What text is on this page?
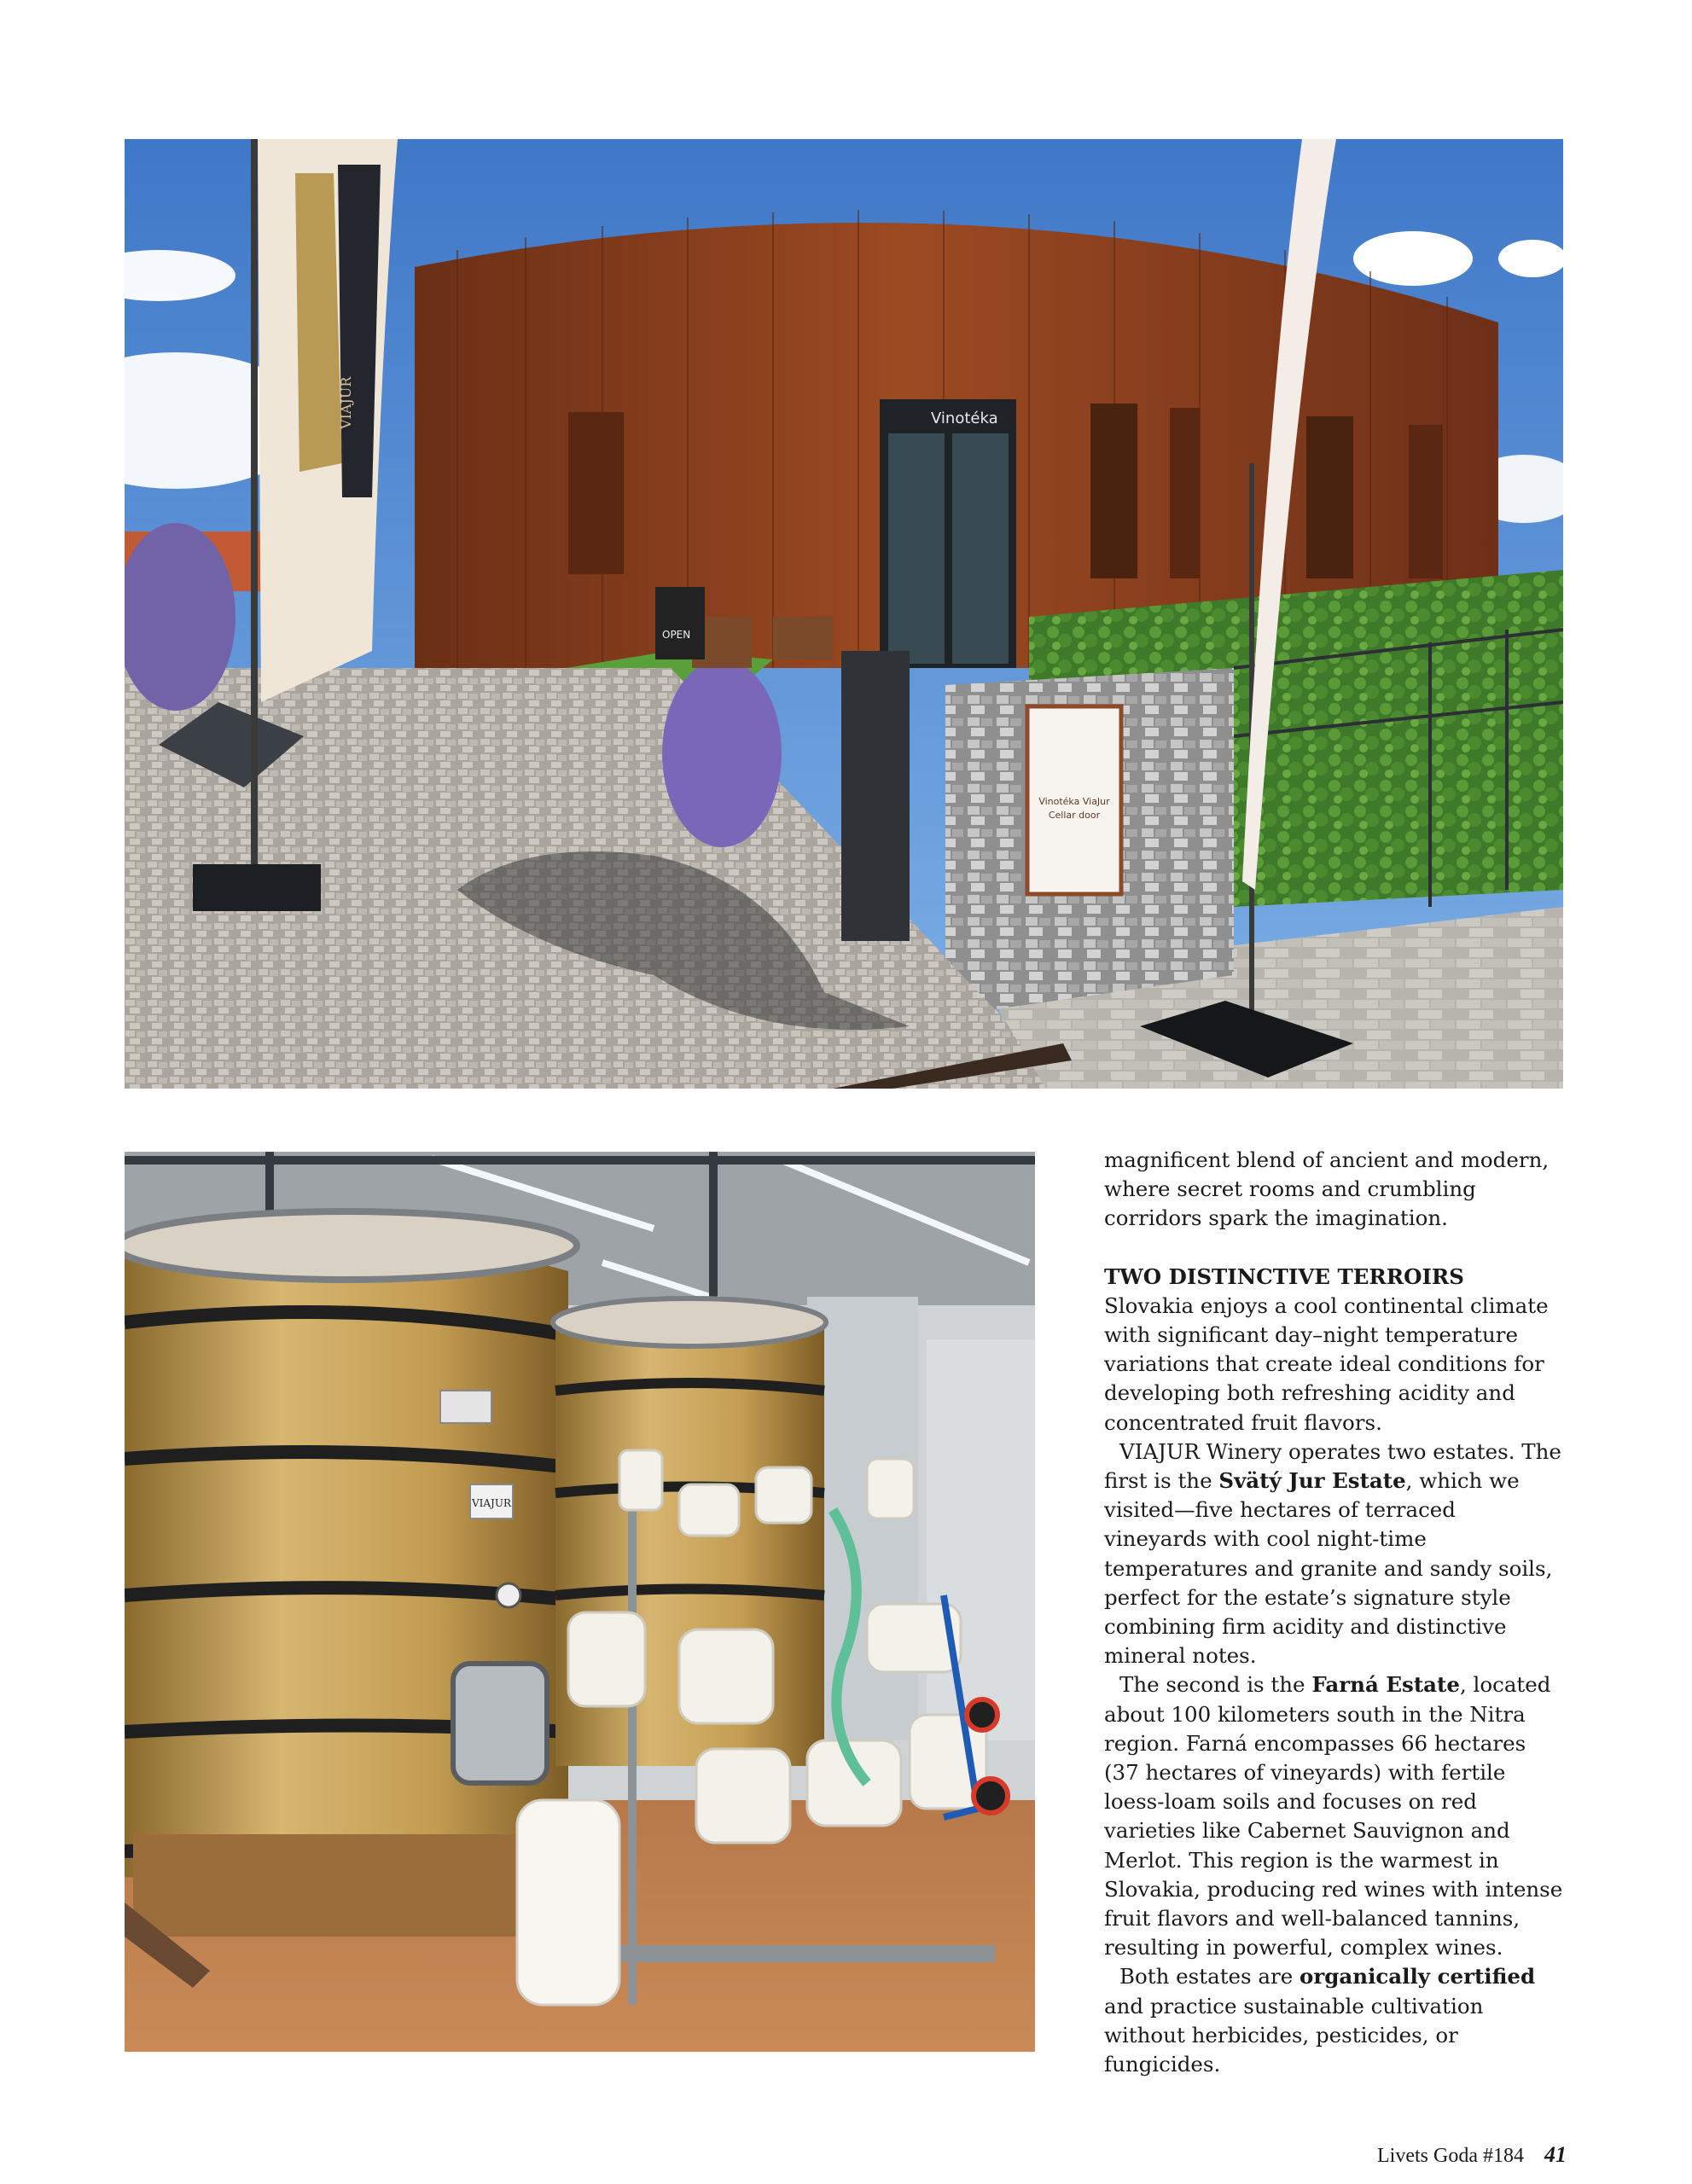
Vinotéka
Vinotéka ViaJur
Cellar door
OPEN
VIAJUR
VIAJUR

magnificent blend of ancient and modern, where secret rooms and crumbling corridors spark the imagination.

TWO DISTINCTIVE TERROIRS

Slovakia enjoys a cool continental climate with significant day–night temperature variations that create ideal conditions for developing both refreshing acidity and concentrated fruit flavors.

VIAJUR Winery operates two estates. The first is the Svätý Jur Estate, which we visited—five hectares of terraced vineyards with cool night-time temperatures and granite and sandy soils, perfect for the estate’s signature style combining firm acidity and distinctive mineral notes.

The second is the Farná Estate, located about 100 kilometers south in the Nitra region. Farná encompasses 66 hectares (37 hectares of vineyards) with fertile loess-loam soils and focuses on red varieties like Cabernet Sauvignon and Merlot. This region is the warmest in Slovakia, producing red wines with intense fruit flavors and well-balanced tannins, resulting in powerful, complex wines.

Both estates are organically certified and practice sustainable cultivation without herbicides, pesticides, or fungicides.

Livets Goda #184 41
